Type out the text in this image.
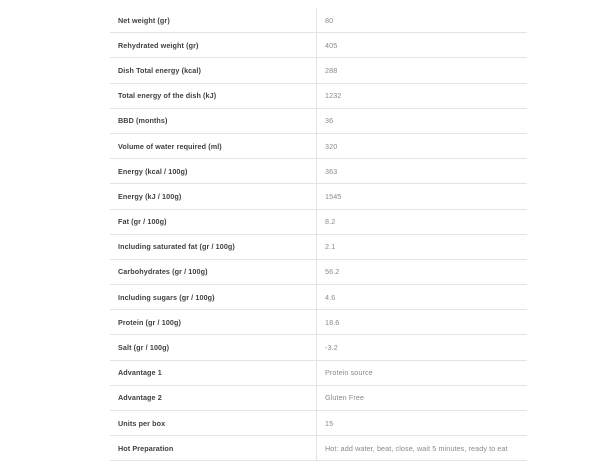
Net weight (gr)	80
Rehydrated weight (gr)	405
Dish Total energy (kcal)	288
Total energy of the dish (kJ)	1232
BBD (months)	36
Volume of water required (ml)	320
Energy (kcal / 100g)	363
Energy (kJ / 100g)	1545
Fat (gr / 100g)	8.2
Including saturated fat (gr / 100g)	2.1
Carbohydrates (gr / 100g)	56.2
Including sugars (gr / 100g)	4.6
Protein (gr / 100g)	18.6
Salt (gr / 100g)	-3.2
Advantage 1	Protein source
Advantage 2	Gluten Free
Units per box	15
Hot Preparation	Hot: add water, beat, close, wait 5 minutes, ready to eat
